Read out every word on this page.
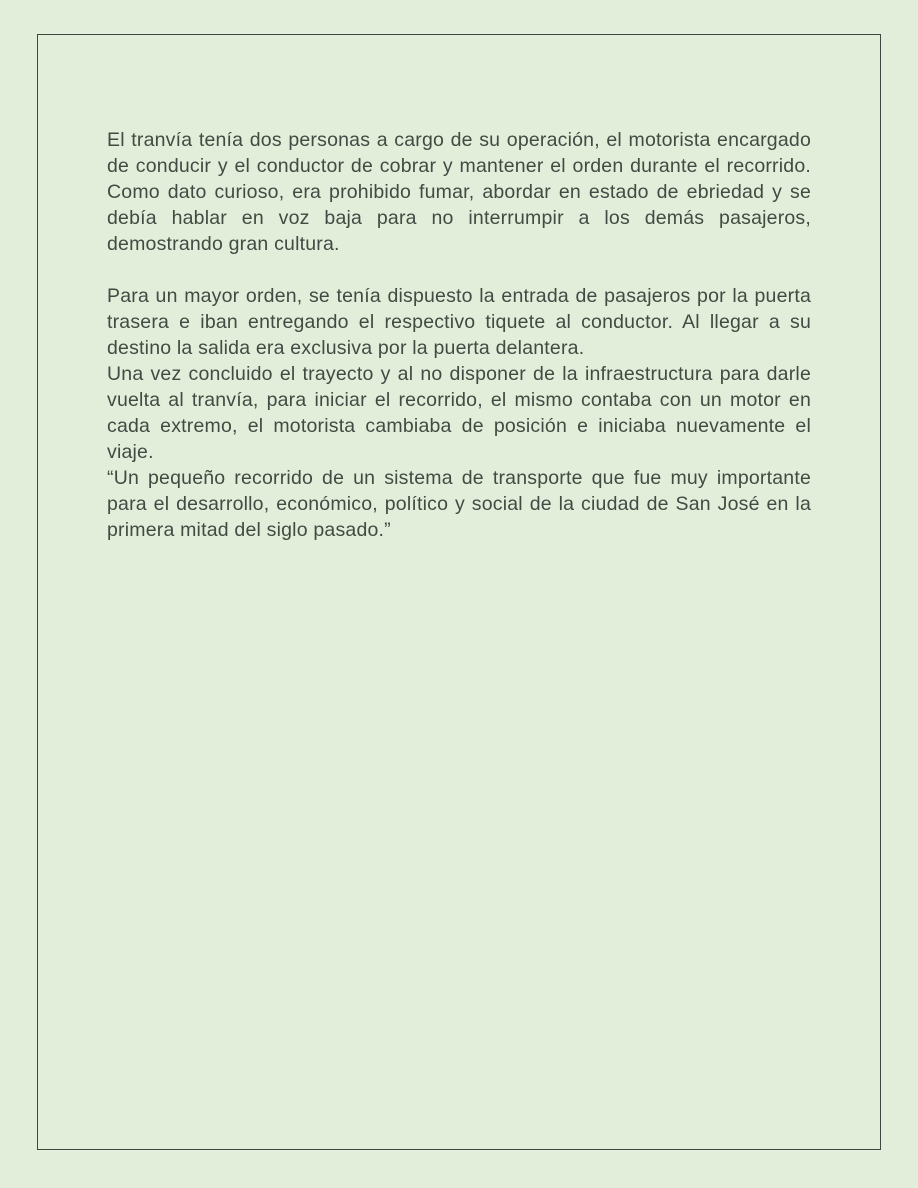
El tranvía tenía dos personas a cargo de su operación, el motorista encargado de conducir y el conductor de cobrar y mantener el orden durante el recorrido. Como dato curioso, era prohibido fumar, abordar en estado de ebriedad y se debía hablar en voz baja para no interrumpir a los demás pasajeros, demostrando gran cultura.

Para un mayor orden, se tenía dispuesto la entrada de pasajeros por la puerta trasera e iban entregando el respectivo tiquete al conductor. Al llegar a su destino la salida era exclusiva por la puerta delantera.

Una vez concluido el trayecto y al no disponer de la infraestructura para darle vuelta al tranvía, para iniciar el recorrido, el mismo contaba con un motor en cada extremo, el motorista cambiaba de posición e iniciaba nuevamente el viaje.

“Un pequeño recorrido de un sistema de transporte que fue muy importante para el desarrollo, económico, político y social de la ciudad de San José en la primera mitad del siglo pasado.”
